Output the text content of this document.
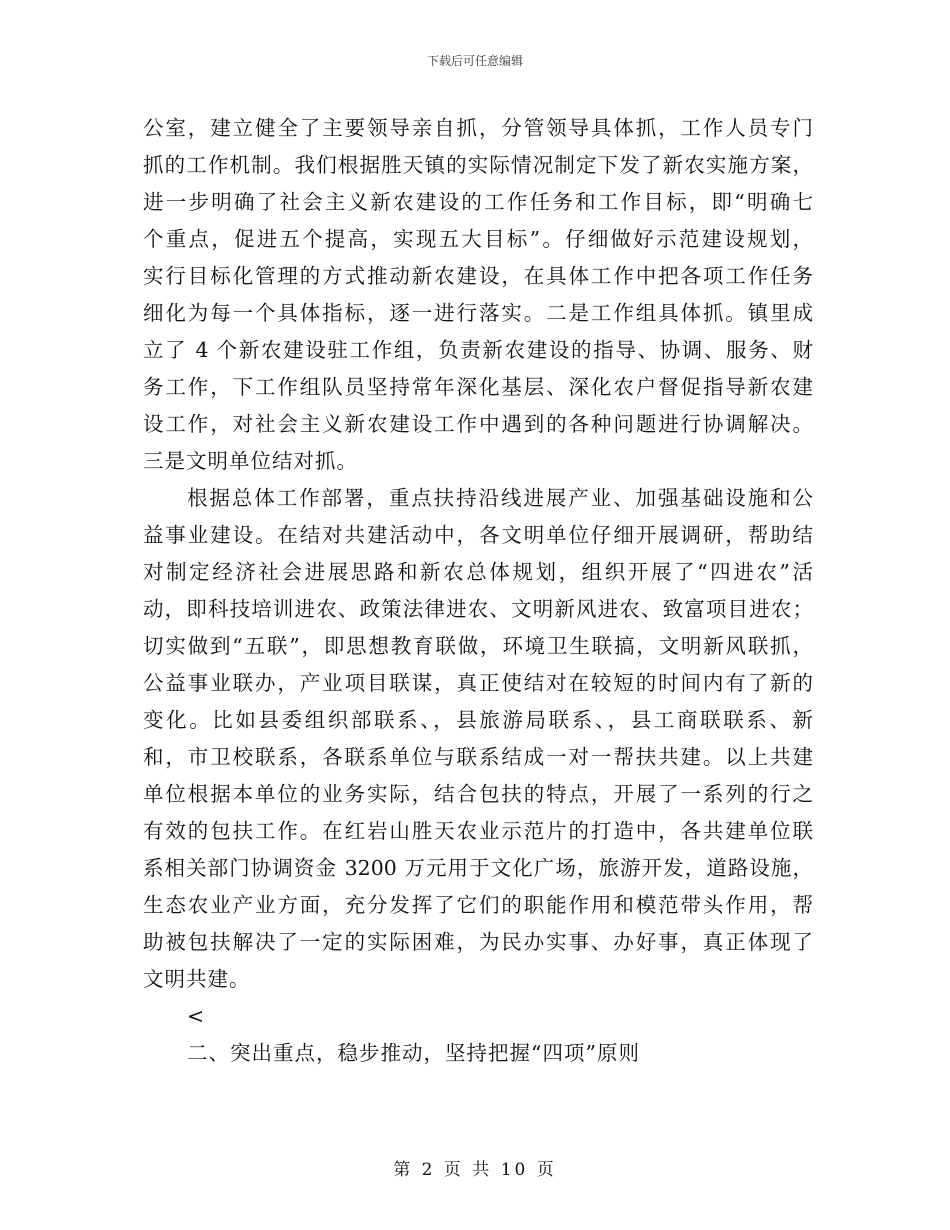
下载后可任意编辑
公室，建立健全了主要领导亲自抓，分管领导具体抓，工作人员专门
抓的工作机制。我们根据胜天镇的实际情况制定下发了新农实施方案，
进一步明确了社会主义新农建设的工作任务和工作目标，即“明确七
个重点，促进五个提高，实现五大目标”。仔细做好示范建设规划，
实行目标化管理的方式推动新农建设，在具体工作中把各项工作任务
细化为每一个具体指标，逐一进行落实。二是工作组具体抓。镇里成
立了 4 个新农建设驻工作组，负责新农建设的指导、协调、服务、财
务工作，下工作组队员坚持常年深化基层、深化农户督促指导新农建
设工作，对社会主义新农建设工作中遇到的各种问题进行协调解决。
三是文明单位结对抓。
根据总体工作部署，重点扶持沿线进展产业、加强基础设施和公
益事业建设。在结对共建活动中，各文明单位仔细开展调研，帮助结
对制定经济社会进展思路和新农总体规划，组织开展了“四进农”活
动，即科技培训进农、政策法律进农、文明新风进农、致富项目进农；
切实做到“五联”，即思想教育联做，环境卫生联搞，文明新风联抓，
公益事业联办，产业项目联谋，真正使结对在较短的时间内有了新的
变化。比如县委组织部联系、，县旅游局联系、，县工商联联系、新
和，市卫校联系，各联系单位与联系结成一对一帮扶共建。以上共建
单位根据本单位的业务实际，结合包扶的特点，开展了一系列的行之
有效的包扶工作。在红岩山胜天农业示范片的打造中，各共建单位联
系相关部门协调资金 3200 万元用于文化广场，旅游开发，道路设施，
生态农业产业方面，充分发挥了它们的职能作用和模范带头作用，帮
助被包扶解决了一定的实际困难，为民办实事、办好事，真正体现了
文明共建。
<
二、突出重点，稳步推动，坚持把握“四项”原则
第 2 页 共 10 页
